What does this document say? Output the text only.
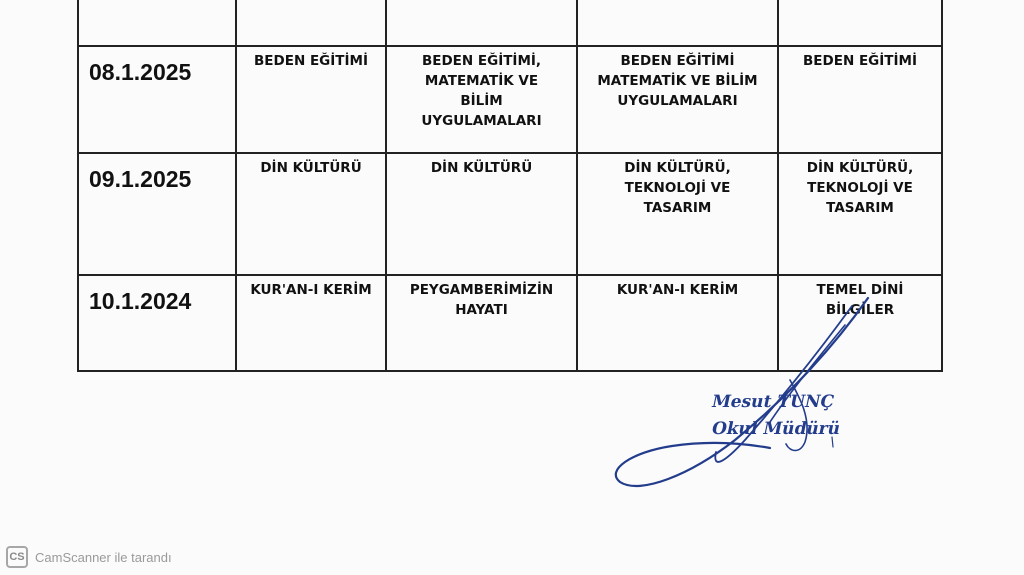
08.1.2025	BEDEN EĞİTİMİ	BEDEN EĞİTİMİ,
MATEMATİK VE
BİLİM
UYGULAMALARI	BEDEN EĞİTİMİ
MATEMATİK VE BİLİM
UYGULAMALARI	BEDEN EĞİTİMİ
09.1.2025	DİN KÜLTÜRÜ	DİN KÜLTÜRÜ	DİN KÜLTÜRÜ,
TEKNOLOJİ VE
TASARIM	DİN KÜLTÜRÜ,
TEKNOLOJİ VE
TASARIM
10.1.2024	KUR'AN-I KERİM	PEYGAMBERİMİZİN
HAYATI	KUR'AN-I KERİM	TEMEL DİNİ
BİLGİLER
Mesut TUNÇ
Okul Müdürü
CS CamScanner ile tarandı
